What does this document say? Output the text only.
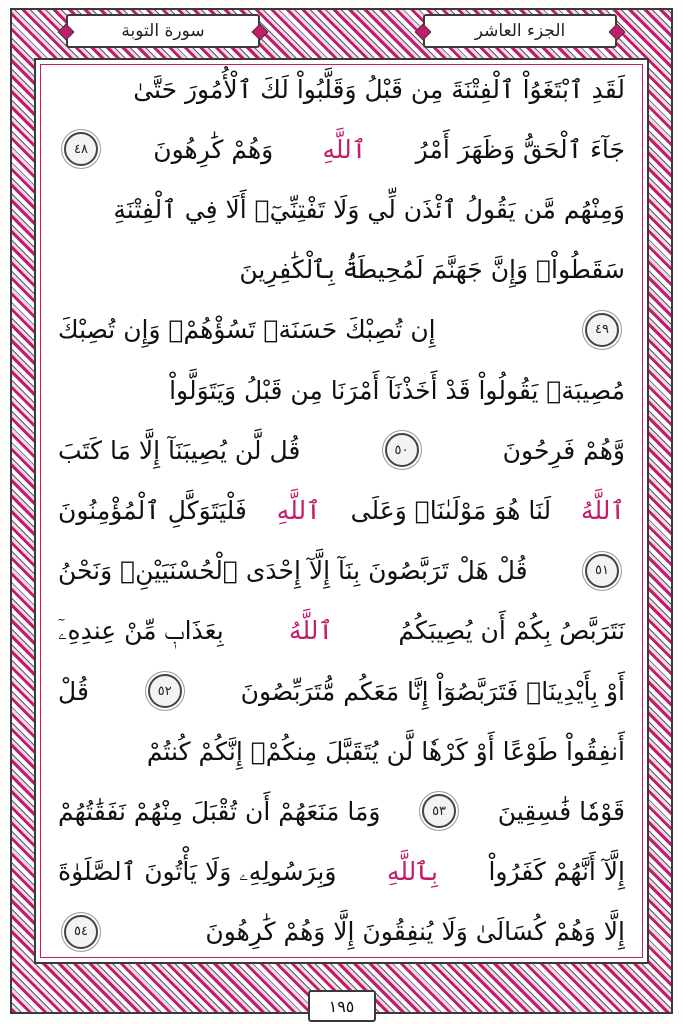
سورة التوبة	الجزء العاشر
لَقَدِ ٱبْتَغَوُاْ ٱلْفِتْنَةَ مِن قَبْلُ وَقَلَّبُواْ لَكَ ٱلْأُمُورَ حَتَّىٰ
جَآءَ ٱلْحَقُّ وَظَهَرَ أَمْرُ
ٱللَّهِ
وَهُمْ كَٰرِهُونَ
٤٨
وَمِنْهُم مَّن يَقُولُ ٱئْذَن لِّي وَلَا تَفْتِنِّيٓۚ أَلَا فِي ٱلْفِتْنَةِ
سَقَطُواْۗ وَإِنَّ جَهَنَّمَ لَمُحِيطَةُۢ بِٱلْكَٰفِرِينَ
٤٩
إِن تُصِبْكَ حَسَنَةٞ تَسُؤْهُمْۖ وَإِن تُصِبْكَ
مُصِيبَةٞ يَقُولُواْ قَدْ أَخَذْنَآ أَمْرَنَا مِن قَبْلُ وَيَتَوَلَّواْ
وَّهُمْ فَرِحُونَ
٥٠
قُل لَّن يُصِيبَنَآ إِلَّا مَا كَتَبَ
ٱللَّهُ
لَنَا هُوَ مَوْلَىٰنَاۚ وَعَلَى
ٱللَّهِ
فَلْيَتَوَكَّلِ ٱلْمُؤْمِنُونَ
٥١
قُلْ هَلْ تَرَبَّصُونَ بِنَآ إِلَّآ إِحْدَى ٱلْحُسْنَيَيْنِۖ وَنَحْنُ
نَتَرَبَّصُ بِكُمْ أَن يُصِيبَكُمُ
ٱللَّهُ
بِعَذَابٖ مِّنْ عِندِهِۦٓ
أَوْ بِأَيْدِينَاۖ فَتَرَبَّصُوٓاْ إِنَّا مَعَكُم مُّتَرَبِّصُونَ
٥٢
قُلْ
أَنفِقُواْ طَوْعًا أَوْ كَرْهٗا لَّن يُتَقَبَّلَ مِنكُمْۖ إِنَّكُمْ كُنتُمْ
قَوْمٗا فَٰسِقِينَ
٥٣
وَمَا مَنَعَهُمْ أَن تُقْبَلَ مِنْهُمْ نَفَقَٰتُهُمْ
إِلَّآ أَنَّهُمْ كَفَرُواْ
بِٱللَّهِ
وَبِرَسُولِهِۦ وَلَا يَأْتُونَ ٱلصَّلَوٰةَ
إِلَّا وَهُمْ كُسَالَىٰ وَلَا يُنفِقُونَ إِلَّا وَهُمْ كَٰرِهُونَ
٥٤
١٩٥
